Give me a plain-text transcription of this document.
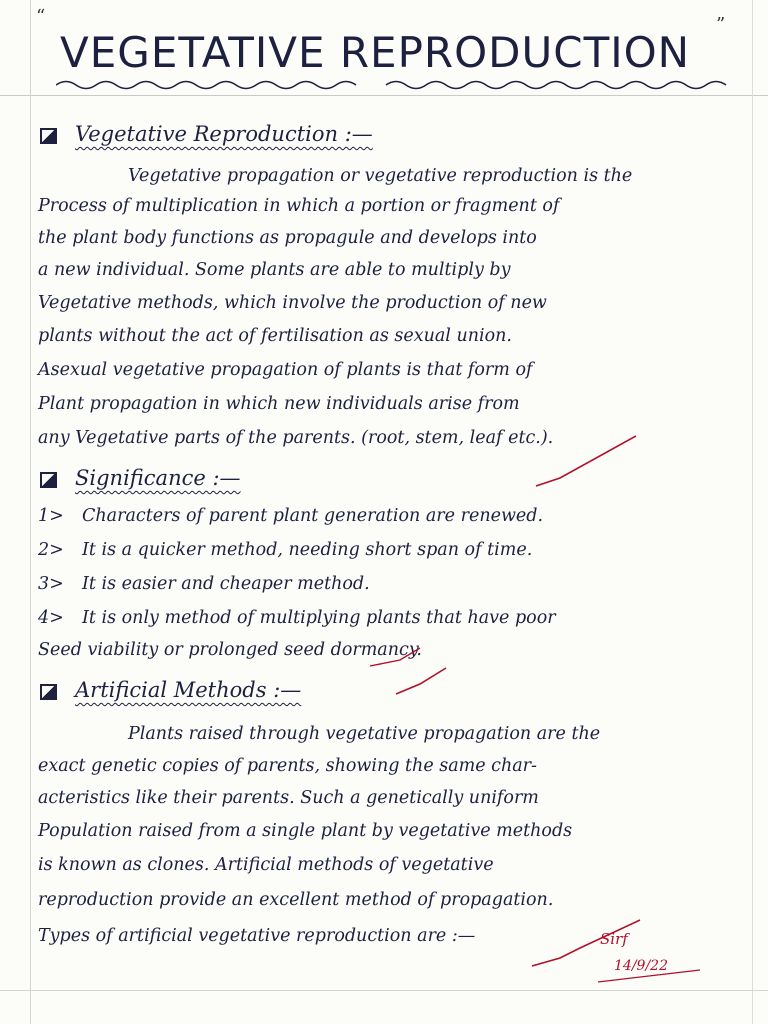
“	”
VEGETATIVE REPRODUCTION
Vegetative Reproduction :—
Vegetative propagation or vegetative reproduction is the
Process of multiplication in which a portion or fragment of
the plant body functions as propagule and develops into
a new individual. Some plants are able to multiply by
Vegetative methods, which involve the production of new
plants without the act of fertilisation as sexual union.
Asexual vegetative propagation of plants is that form of
Plant propagation in which new individuals arise from
any Vegetative parts of the parents. (root, stem, leaf etc.).
Significance :—
1> Characters of parent plant generation are renewed.
2> It is a quicker method, needing short span of time.
3> It is easier and cheaper method.
4> It is only method of multiplying plants that have poor
Seed viability or prolonged seed dormancy.
Artificial Methods :—
Plants raised through vegetative propagation are the
exact genetic copies of parents, showing the same char-
acteristics like their parents. Such a genetically uniform
Population raised from a single plant by vegetative methods
is known as clones. Artificial methods of vegetative
reproduction provide an excellent method of propagation.
Types of artificial vegetative reproduction are :—	Sirf
14/9/22
